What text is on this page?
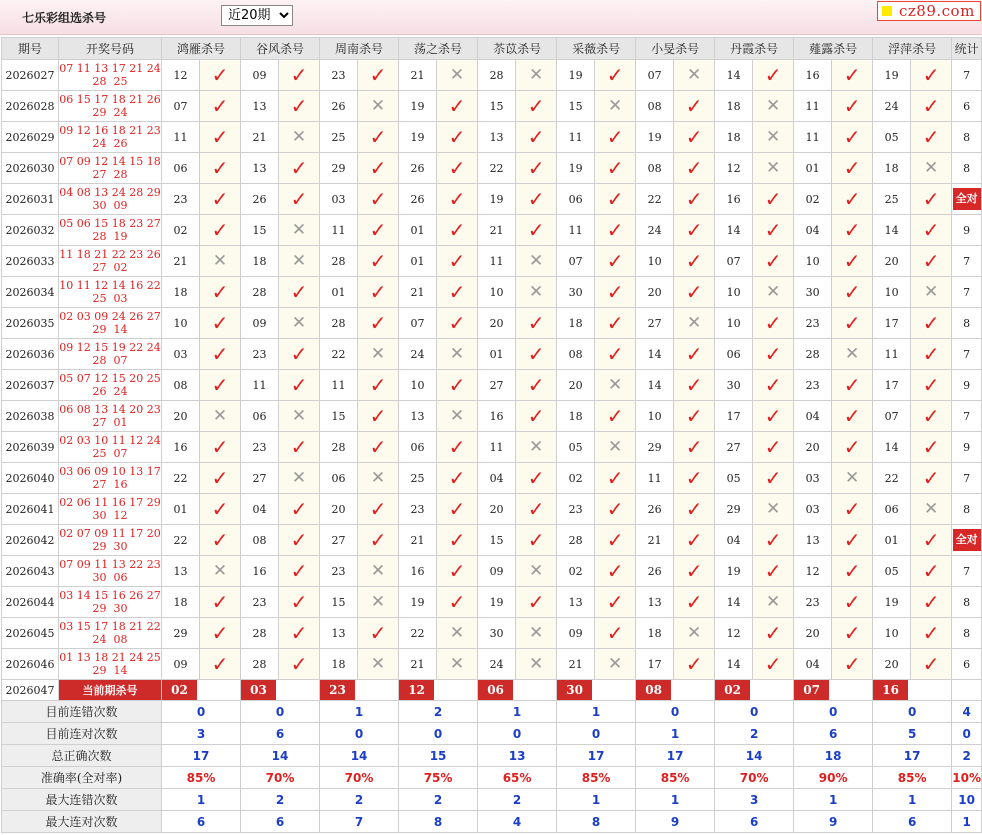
七乐彩组选杀号
近20期	cz89.com
期号	开奖号码	鸿雁杀号		谷风杀号		周南杀号		荡之杀号		苶苡杀号		采薇杀号		小旻杀号		丹霞杀号		薤露杀号		浮萍杀号		统计
2026027	07 11 13 17 21 24
28  25	12	✓	09	✓	23	✓	21	✕	28	✕	19	✓	07	✕	14	✓	16	✓	19	✓	7
2026028	06 15 17 18 21 26
29  24	07	✓	13	✓	26	✕	19	✓	15	✓	15	✕	08	✓	18	✕	11	✓	24	✓	6
2026029	09 12 16 18 21 23
24  26	11	✓	21	✕	25	✓	19	✓	13	✓	11	✓	19	✓	18	✕	11	✓	05	✓	8
2026030	07 09 12 14 15 18
27  28	06	✓	13	✓	29	✓	26	✓	22	✓	19	✓	08	✓	12	✕	01	✓	18	✕	8
2026031	04 08 13 24 28 29
30  09	23	✓	26	✓	03	✓	26	✓	19	✓	06	✓	22	✓	16	✓	02	✓	25	✓	全对
2026032	05 06 15 18 23 27
28  19	02	✓	15	✕	11	✓	01	✓	21	✓	11	✓	24	✓	14	✓	04	✓	14	✓	9
2026033	11 18 21 22 23 26
27  02	21	✕	18	✕	28	✓	01	✓	11	✕	07	✓	10	✓	07	✓	10	✓	20	✓	7
2026034	10 11 12 14 16 22
25  03	18	✓	28	✓	01	✓	21	✓	10	✕	30	✓	20	✓	10	✕	30	✓	10	✕	7
2026035	02 03 09 24 26 27
29  14	10	✓	09	✕	28	✓	07	✓	20	✓	18	✓	27	✕	10	✓	23	✓	17	✓	8
2026036	09 12 15 19 22 24
28  07	03	✓	23	✓	22	✕	24	✕	01	✓	08	✓	14	✓	06	✓	28	✕	11	✓	7
2026037	05 07 12 15 20 25
26  24	08	✓	11	✓	11	✓	10	✓	27	✓	20	✕	14	✓	30	✓	23	✓	17	✓	9
2026038	06 08 13 14 20 23
27  01	20	✕	06	✕	15	✓	13	✕	16	✓	18	✓	10	✓	17	✓	04	✓	07	✓	7
2026039	02 03 10 11 12 24
25  07	16	✓	23	✓	28	✓	06	✓	11	✕	05	✕	29	✓	27	✓	20	✓	14	✓	9
2026040	03 06 09 10 13 17
27  16	22	✓	27	✕	06	✕	25	✓	04	✓	02	✓	11	✓	05	✓	03	✕	22	✓	7
2026041	02 06 11 16 17 29
30  12	01	✓	04	✓	20	✓	23	✓	20	✓	23	✓	26	✓	29	✕	03	✓	06	✕	8
2026042	02 07 09 11 17 20
29  30	22	✓	08	✓	27	✓	21	✓	15	✓	28	✓	21	✓	04	✓	13	✓	01	✓	全对
2026043	07 09 11 13 22 23
30  06	13	✕	16	✓	23	✕	16	✓	09	✕	02	✓	26	✓	19	✓	12	✓	05	✓	7
2026044	03 14 15 16 26 27
29  30	18	✓	23	✓	15	✕	19	✓	19	✓	13	✓	13	✓	14	✕	23	✓	19	✓	8
2026045	03 15 17 18 21 22
24  08	29	✓	28	✓	13	✓	22	✕	30	✕	09	✓	18	✕	12	✓	20	✓	10	✓	8
2026046	01 13 18 21 24 25
29  14	09	✓	28	✓	18	✕	21	✕	24	✕	21	✕	17	✓	14	✓	04	✓	20	✓	6
2026047	当前期杀号	02		03		23		12		06		30		08		02		07		16		
目前连错次数		0		0		1		2		1		1		0		0		0		0		4
目前连对次数		3		6		0		0		0		0		1		2		6		5		0
总正确次数		17		14		14		15		13		17		17		14		18		17		2
准确率(全对率)		85%		70%		70%		75%		65%		85%		85%		70%		90%		85%		10%
最大连错次数		1		2		2		2		2		1		1		3		1		1		10
最大连对次数		6		6		7		8		4		8		9		6		9		6		1
